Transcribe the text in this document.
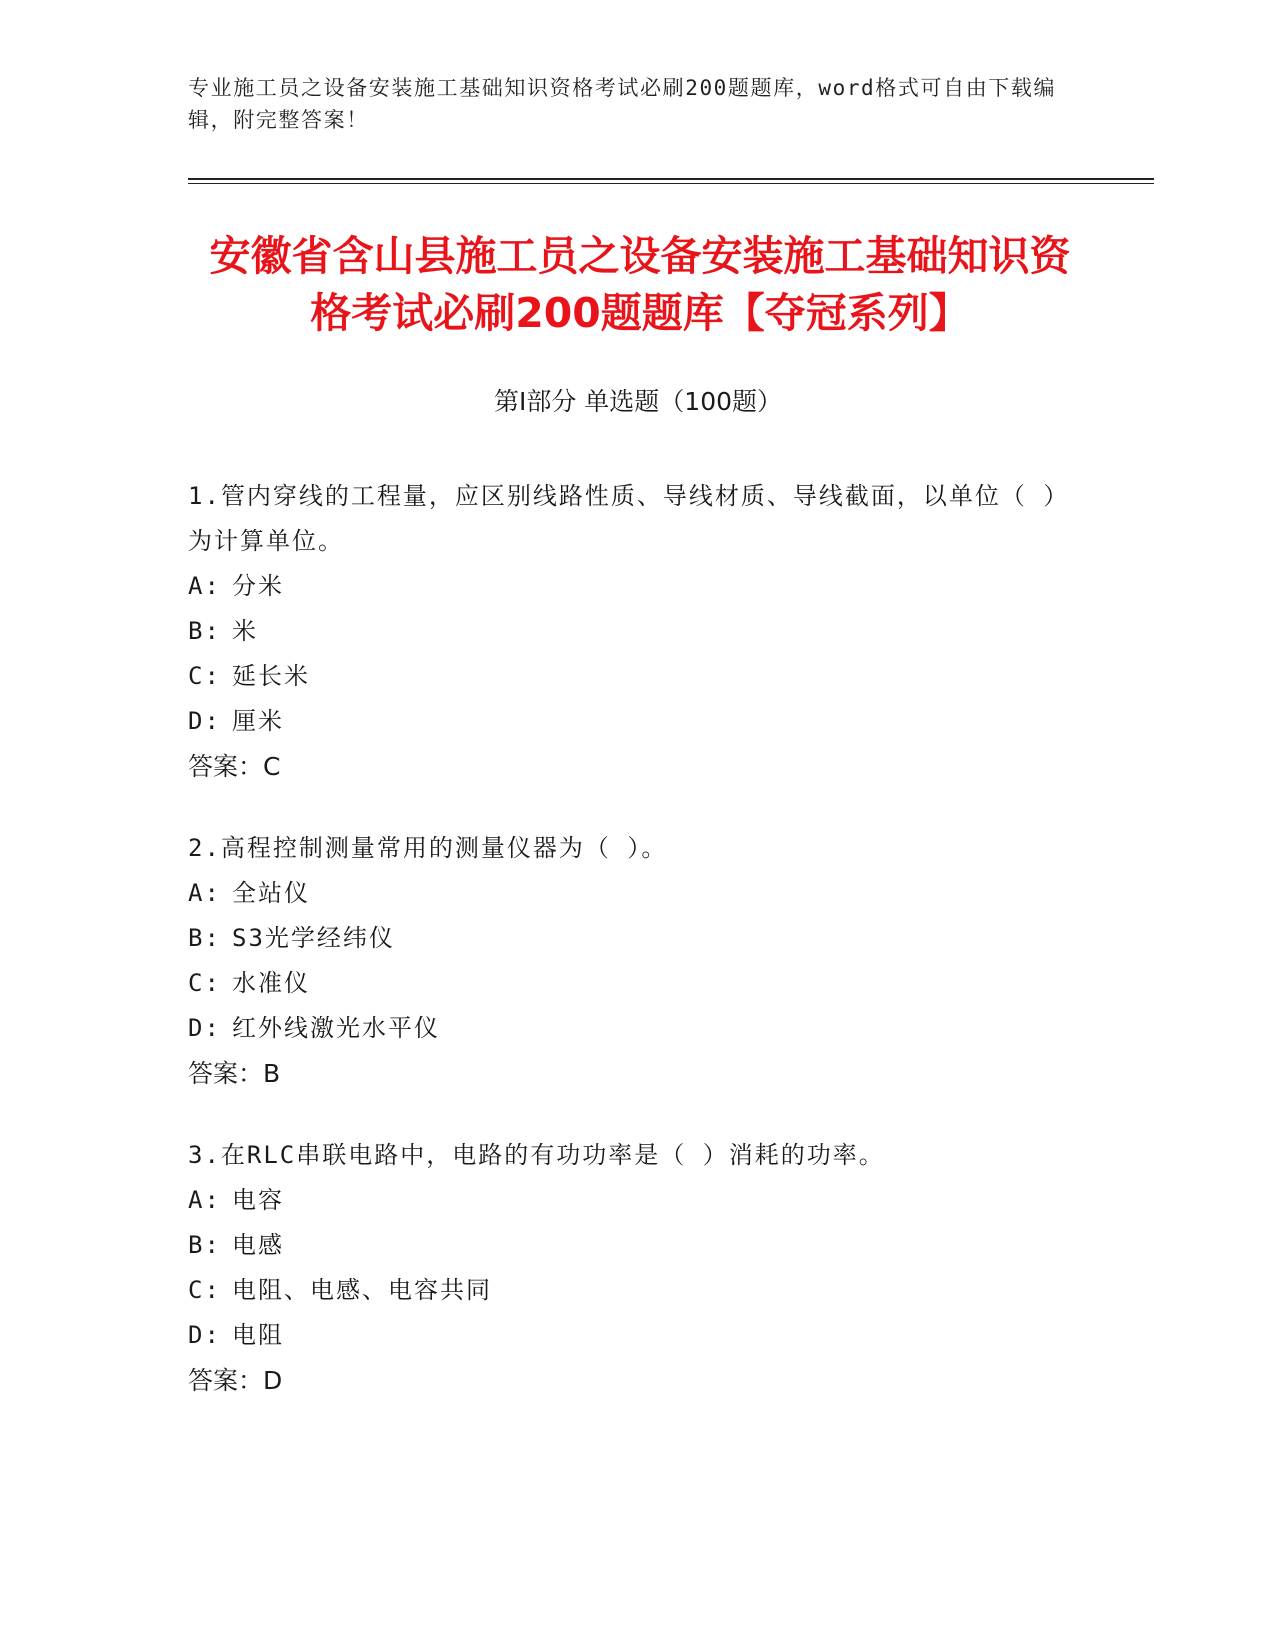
专业施工员之设备安装施工基础知识资格考试必刷200题题库，word格式可自由下载编辑，附完整答案！
安徽省含山县施工员之设备安装施工基础知识资格考试必刷200题题库【夺冠系列】
第Ⅰ部分 单选题（100题）
1.管内穿线的工程量，应区别线路性质、导线材质、导线截面，以单位（ ）为计算单位。
A: 分米
B: 米
C: 延长米
D: 厘米
答案：C
2.高程控制测量常用的测量仪器为（ ）。
A: 全站仪
B: S3光学经纬仪
C: 水准仪
D: 红外线激光水平仪
答案：B
3.在RLC串联电路中，电路的有功功率是（ ）消耗的功率。
A: 电容
B: 电感
C: 电阻、电感、电容共同
D: 电阻
答案：D
